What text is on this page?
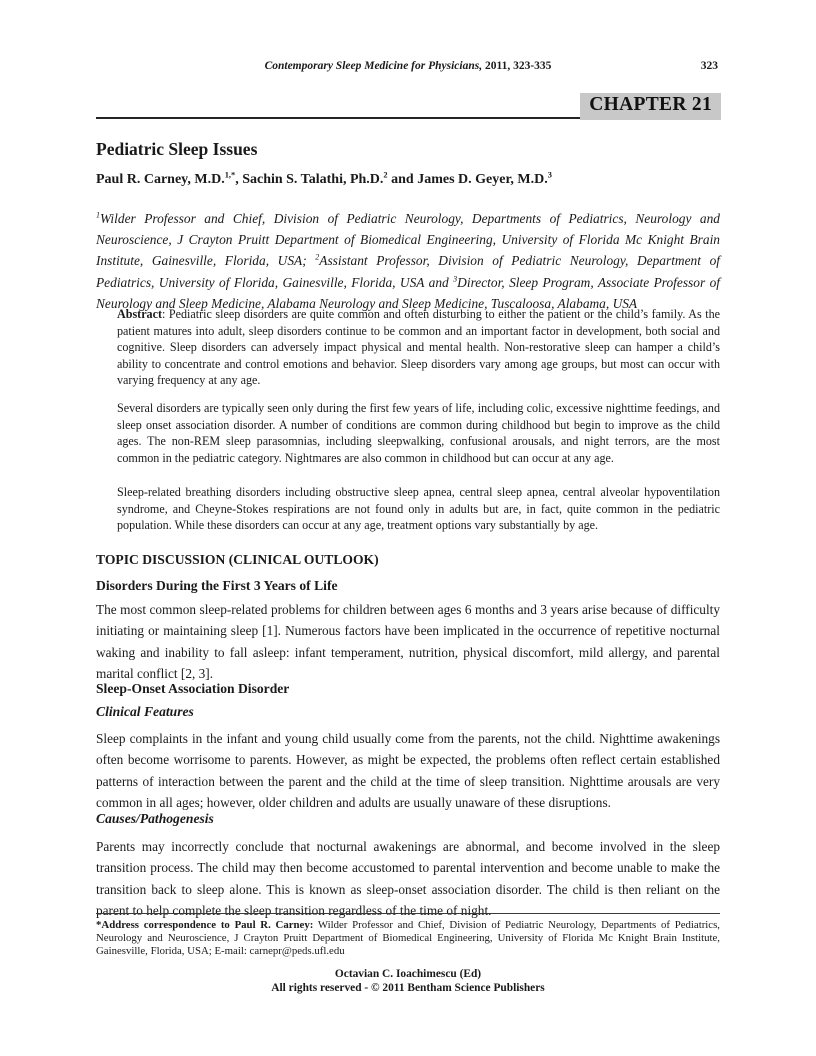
Contemporary Sleep Medicine for Physicians, 2011, 323-335	323
CHAPTER 21
Pediatric Sleep Issues
Paul R. Carney, M.D.$^{1,*}$, Sachin S. Talathi, Ph.D.$^2$ and James D. Geyer, M.D.$^3$
$^1$Wilder Professor and Chief, Division of Pediatric Neurology, Departments of Pediatrics, Neurology and Neuroscience, J Crayton Pruitt Department of Biomedical Engineering, University of Florida Mc Knight Brain Institute, Gainesville, Florida, USA; $^2$Assistant Professor, Division of Pediatric Neurology, Department of Pediatrics, University of Florida, Gainesville, Florida, USA and $^3$Director, Sleep Program, Associate Professor of Neurology and Sleep Medicine, Alabama Neurology and Sleep Medicine, Tuscaloosa, Alabama, USA

Abstract: Pediatric sleep disorders are quite common and often disturbing to either the patient or the child’s family. As the patient matures into adult, sleep disorders continue to be common and an important factor in development, both social and cognitive. Sleep disorders can adversely impact physical and mental health. Non-restorative sleep can hamper a child’s ability to concentrate and control emotions and behavior. Sleep disorders vary among age groups, but most can occur with varying frequency at any age.

Several disorders are typically seen only during the first few years of life, including colic, excessive nighttime feedings, and sleep onset association disorder. A number of conditions are common during childhood but begin to improve as the child ages. The non-REM sleep parasomnias, including sleepwalking, confusional arousals, and night terrors, are the most common in the pediatric category. Nightmares are also common in childhood but can occur at any age.

Sleep-related breathing disorders including obstructive sleep apnea, central sleep apnea, central alveolar hypoventilation syndrome, and Cheyne-Stokes respirations are not found only in adults but are, in fact, quite common in the pediatric population. While these disorders can occur at any age, treatment options vary substantially by age.

TOPIC DISCUSSION (CLINICAL OUTLOOK)
Disorders During the First 3 Years of Life

The most common sleep-related problems for children between ages 6 months and 3 years arise because of difficulty initiating or maintaining sleep [1]. Numerous factors have been implicated in the occurrence of repetitive nocturnal waking and inability to fall asleep: infant temperament, nutrition, physical discomfort, mild allergy, and parental marital conflict [2, 3].

Sleep-Onset Association Disorder
Clinical Features

Sleep complaints in the infant and young child usually come from the parents, not the child. Nighttime awakenings often become worrisome to parents. However, as might be expected, the problems often reflect certain established patterns of interaction between the parent and the child at the time of sleep transition. Nighttime arousals are very common in all ages; however, older children and adults are usually unaware of these disruptions.

Causes/Pathogenesis

Parents may incorrectly conclude that nocturnal awakenings are abnormal, and become involved in the sleep transition process. The child may then become accustomed to parental intervention and become unable to make the transition back to sleep alone. This is known as sleep-onset association disorder. The child is then reliant on the parent to help complete the sleep transition regardless of the time of night.

*Address correspondence to Paul R. Carney: Wilder Professor and Chief, Division of Pediatric Neurology, Departments of Pediatrics, Neurology and Neuroscience, J Crayton Pruitt Department of Biomedical Engineering, University of Florida Mc Knight Brain Institute, Gainesville, Florida, USA; E-mail: carnepr@peds.ufl.edu

Octavian C. Ioachimescu (Ed)
All rights reserved - © 2011 Bentham Science Publishers
